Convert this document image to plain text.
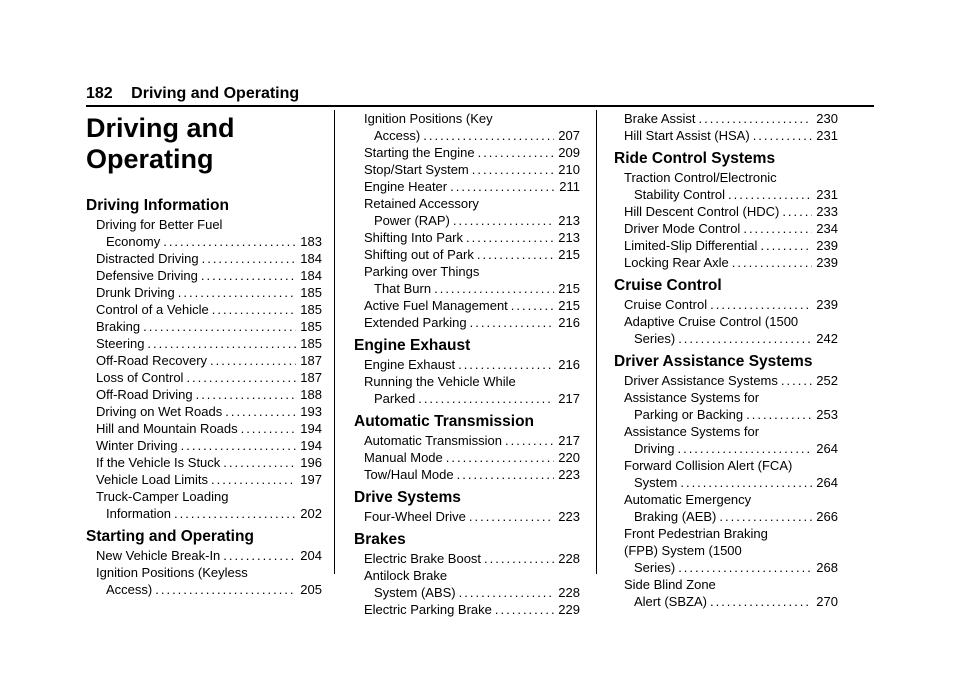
182 Driving and Operating
Driving and
Operating
Driving Information
Driving for Better Fuel
Economy .....	183
Distracted Driving .....	184
Defensive Driving .....	184
Drunk Driving .....	185
Control of a Vehicle .....	185
Braking .....	185
Steering .....	185
Off-Road Recovery .....	187
Loss of Control .....	187
Off-Road Driving .....	188
Driving on Wet Roads .....	193
Hill and Mountain Roads .....	194
Winter Driving .....	194
If the Vehicle Is Stuck .....	196
Vehicle Load Limits .....	197
Truck-Camper Loading
Information .....	202
Starting and Operating
New Vehicle Break-In .....	204
Ignition Positions (Keyless
Access) .....	205
Ignition Positions (Key
Access) .....	207
Starting the Engine .....	209
Stop/Start System .....	210
Engine Heater .....	211
Retained Accessory
Power (RAP) .....	213
Shifting Into Park .....	213
Shifting out of Park .....	215
Parking over Things
That Burn .....	215
Active Fuel Management .....	215
Extended Parking .....	216
Engine Exhaust
Engine Exhaust .....	216
Running the Vehicle While
Parked .....	217
Automatic Transmission
Automatic Transmission .....	217
Manual Mode .....	220
Tow/Haul Mode .....	223
Drive Systems
Four-Wheel Drive .....	223
Brakes
Electric Brake Boost .....	228
Antilock Brake
System (ABS) .....	228
Electric Parking Brake .....	229
Brake Assist .....	230
Hill Start Assist (HSA) .....	231
Ride Control Systems
Traction Control/Electronic
Stability Control .....	231
Hill Descent Control (HDC) .....	233
Driver Mode Control .....	234
Limited-Slip Differential .....	239
Locking Rear Axle .....	239
Cruise Control
Cruise Control .....	239
Adaptive Cruise Control (1500
Series) .....	242
Driver Assistance Systems
Driver Assistance Systems .....	252
Assistance Systems for
Parking or Backing .....	253
Assistance Systems for
Driving .....	264
Forward Collision Alert (FCA)
System .....	264
Automatic Emergency
Braking (AEB) .....	266
Front Pedestrian Braking
(FPB) System (1500
Series) .....	268
Side Blind Zone
Alert (SBZA) .....	270
